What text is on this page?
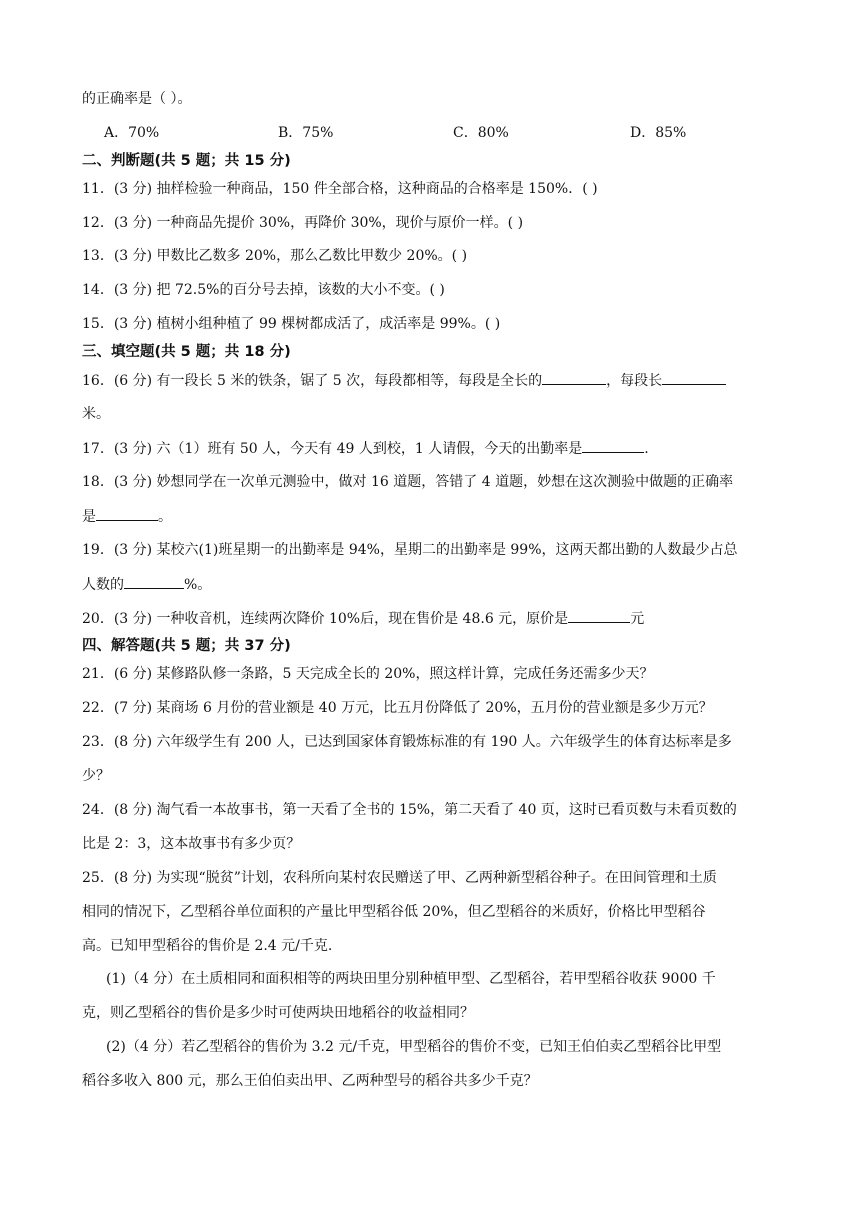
的正确率是（ ）。
A．70%	B．75%	C．80%	D．85%
二、判断题(共 5 题；共 15 分)
11．(3 分) 抽样检验一种商品，150 件全部合格，这种商品的合格率是 150%．( )
12．(3 分) 一种商品先提价 30%，再降价 30%，现价与原价一样。( )
13．(3 分) 甲数比乙数多 20%，那么乙数比甲数少 20%。( )
14．(3 分) 把 72.5%的百分号去掉，该数的大小不变。( )
15．(3 分) 植树小组种植了 99 棵树都成活了，成活率是 99%。( )
三、填空题(共 5 题；共 18 分)
16．(6 分) 有一段长 5 米的铁条，锯了 5 次，每段都相等，每段是全长的	，每段长
米。
17．(3 分) 六（1）班有 50 人，今天有 49 人到校，1 人请假，今天的出勤率是	.
18．(3 分) 妙想同学在一次单元测验中，做对 16 道题，答错了 4 道题，妙想在这次测验中做题的正确率
是	。
19．(3 分) 某校六(1)班星期一的出勤率是 94%，星期二的出勤率是 99%，这两天都出勤的人数最少占总
人数的	%。
20．(3 分) 一种收音机，连续两次降价 10%后，现在售价是 48.6 元，原价是	元
四、解答题(共 5 题；共 37 分)
21．(6 分) 某修路队修一条路，5 天完成全长的 20%，照这样计算，完成任务还需多少天？
22．(7 分) 某商场 6 月份的营业额是 40 万元，比五月份降低了 20%，五月份的营业额是多少万元？
23．(8 分) 六年级学生有 200 人，已达到国家体育锻炼标准的有 190 人。六年级学生的体育达标率是多
少？
24．(8 分) 淘气看一本故事书，第一天看了全书的 15%，第二天看了 40 页，这时已看页数与未看页数的
比是 2：3，这本故事书有多少页？
25．(8 分) 为实现“脱贫”计划，农科所向某村农民赠送了甲、乙两种新型稻谷种子。在田间管理和土质
相同的情况下，乙型稻谷单位面积的产量比甲型稻谷低 20%，但乙型稻谷的米质好，价格比甲型稻谷
高。已知甲型稻谷的售价是 2.4 元/千克.
(1)（4 分）在土质相同和面积相等的两块田里分别种植甲型、乙型稻谷，若甲型稻谷收获 9000 千
克，则乙型稻谷的售价是多少时可使两块田地稻谷的收益相同？
(2)（4 分）若乙型稻谷的售价为 3.2 元/千克，甲型稻谷的售价不变，已知王伯伯卖乙型稻谷比甲型
稻谷多收入 800 元，那么王伯伯卖出甲、乙两种型号的稻谷共多少千克？
